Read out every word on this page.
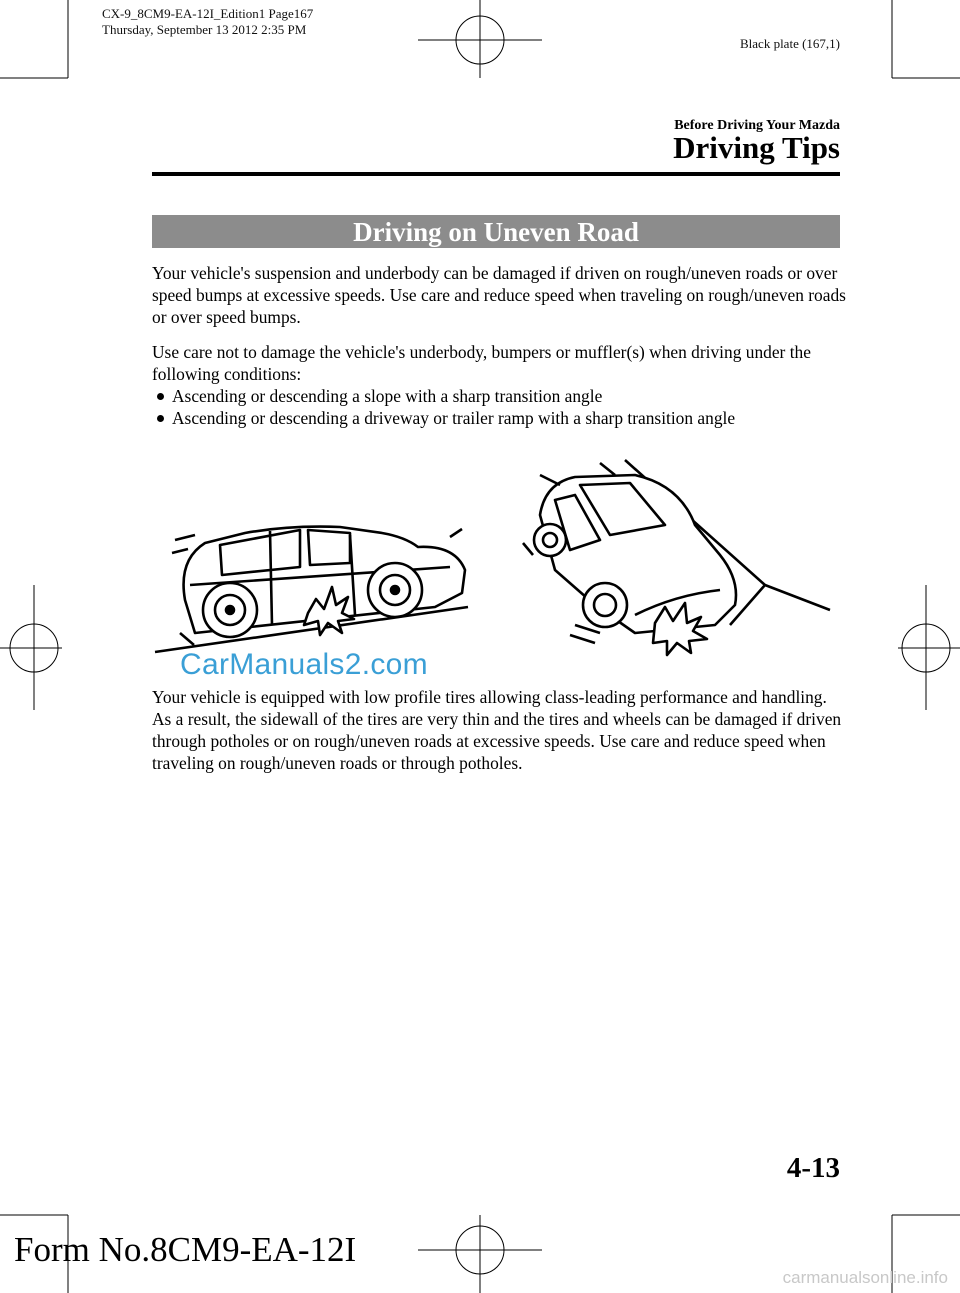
CX-9_8CM9-EA-12I_Edition1 Page167
Thursday, September 13 2012 2:35 PM
Black plate (167,1)
Before Driving Your Mazda
Driving Tips
Driving on Uneven Road
Your vehicle's suspension and underbody can be damaged if driven on rough/uneven roads or over speed bumps at excessive speeds. Use care and reduce speed when traveling on rough/uneven roads or over speed bumps.
Use care not to damage the vehicle's underbody, bumpers or muffler(s) when driving under the following conditions:
Ascending or descending a slope with a sharp transition angle
Ascending or descending a driveway or trailer ramp with a sharp transition angle
CarManuals2.com
Your vehicle is equipped with low profile tires allowing class-leading performance and handling. As a result, the sidewall of the tires are very thin and the tires and wheels can be damaged if driven through potholes or on rough/uneven roads at excessive speeds. Use care and reduce speed when traveling on rough/uneven roads or through potholes.
4-13
Form No.8CM9-EA-12I
carmanualsonline.info
